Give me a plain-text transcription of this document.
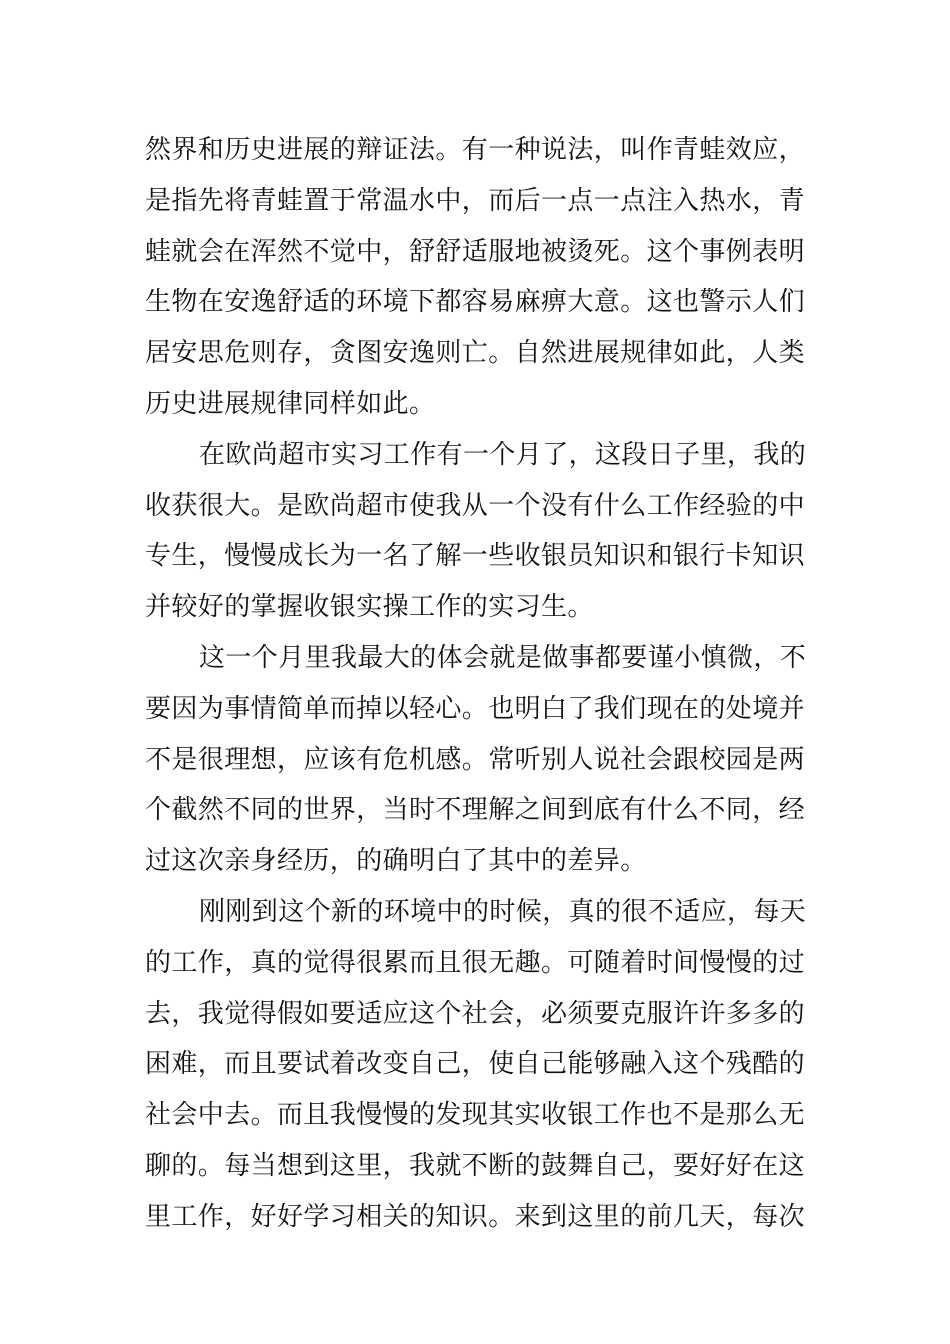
然界和历史进展的辩证法。有一种说法，叫作青蛙效应，
是指先将青蛙置于常温水中，而后一点一点注入热水，青
蛙就会在浑然不觉中，舒舒适服地被烫死。这个事例表明
生物在安逸舒适的环境下都容易麻痹大意。这也警示人们
居安思危则存，贪图安逸则亡。自然进展规律如此，人类
历史进展规律同样如此。
在欧尚超市实习工作有一个月了，这段日子里，我的
收获很大。是欧尚超市使我从一个没有什么工作经验的中
专生，慢慢成长为一名了解一些收银员知识和银行卡知识
并较好的掌握收银实操工作的实习生。
这一个月里我最大的体会就是做事都要谨小慎微，不
要因为事情简单而掉以轻心。也明白了我们现在的处境并
不是很理想，应该有危机感。常听别人说社会跟校园是两
个截然不同的世界，当时不理解之间到底有什么不同，经
过这次亲身经历，的确明白了其中的差异。
刚刚到这个新的环境中的时候，真的很不适应，每天
的工作，真的觉得很累而且很无趣。可随着时间慢慢的过
去，我觉得假如要适应这个社会，必须要克服许许多多的
困难，而且要试着改变自己，使自己能够融入这个残酷的
社会中去。而且我慢慢的发现其实收银工作也不是那么无
聊的。每当想到这里，我就不断的鼓舞自己，要好好在这
里工作，好好学习相关的知识。来到这里的前几天，每次
